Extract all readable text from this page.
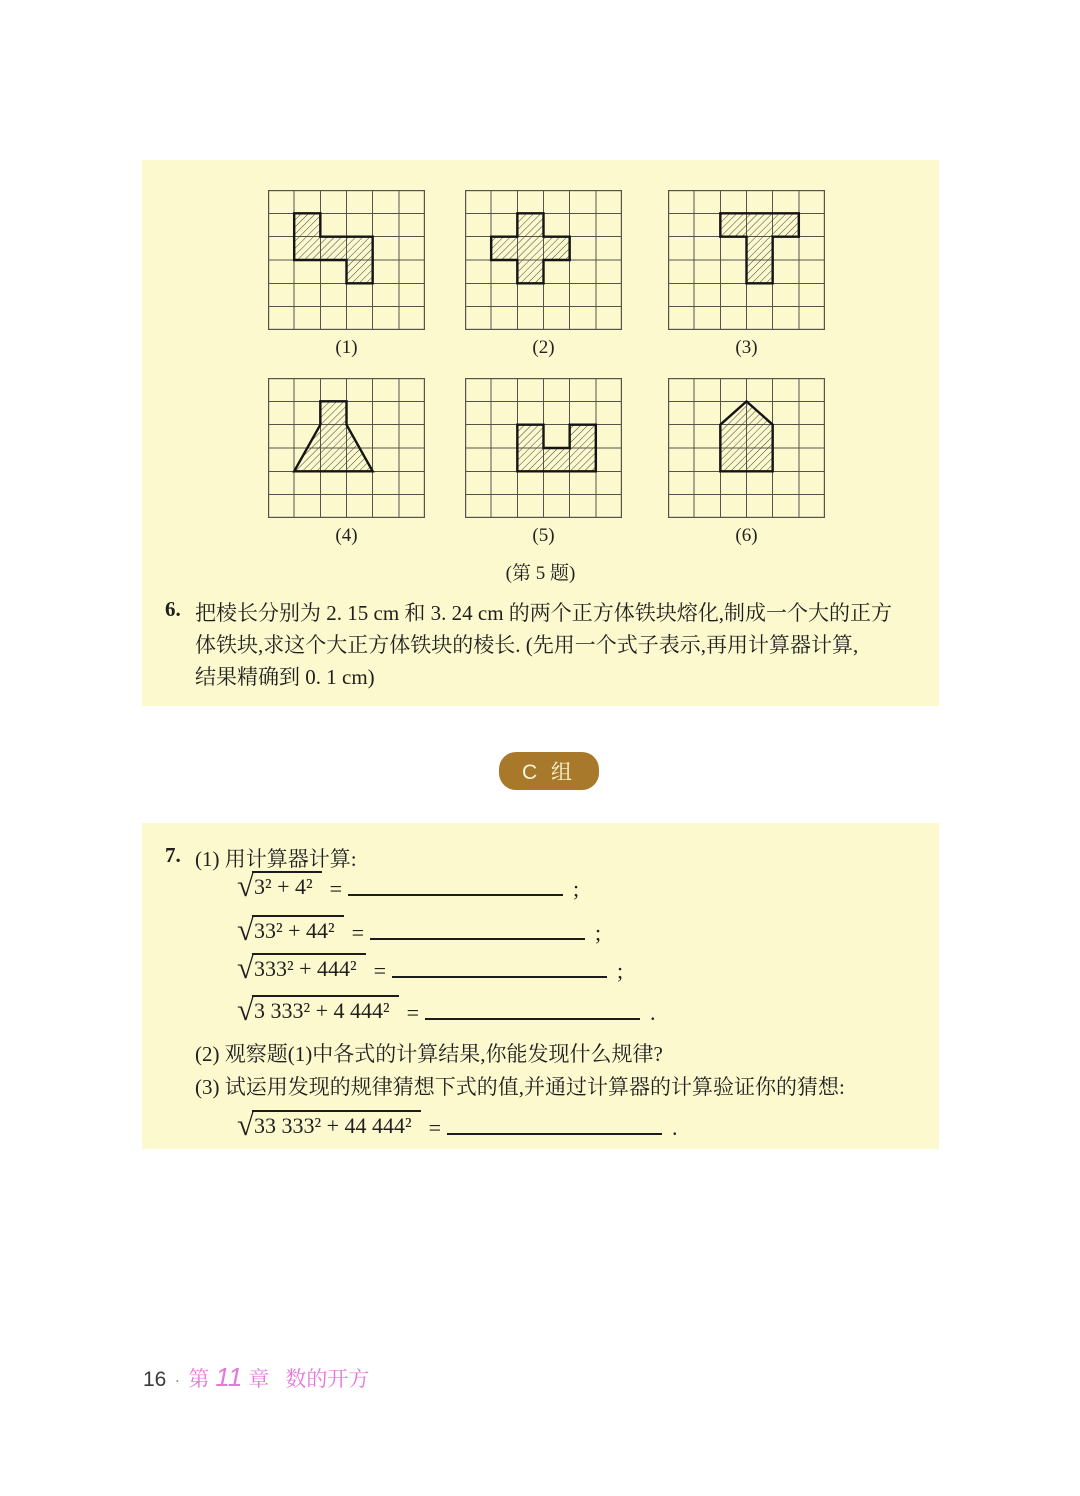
(1)	(2)	(3)
(4)	(5)	(6)
(第 5 题)
6. 把棱长分别为 2. 15 cm 和 3. 24 cm 的两个正方体铁块熔化,制成一个大的正方
体铁块,求这个大正方体铁块的棱长. (先用一个式子表示,再用计算器计算,
结果精确到 0. 1 cm)
C 组
7. (1) 用计算器计算:
√ 3² + 4² =	;
√ 33² + 44² =	;
√ 333² + 444² =	;
√ 3 333² + 4 444² =	.
(2) 观察题(1)中各式的计算结果,你能发现什么规律?
(3) 试运用发现的规律猜想下式的值,并通过计算器的计算验证你的猜想:
√ 33 333² + 44 444² =	.
16 · 第 11 章 数的开方
